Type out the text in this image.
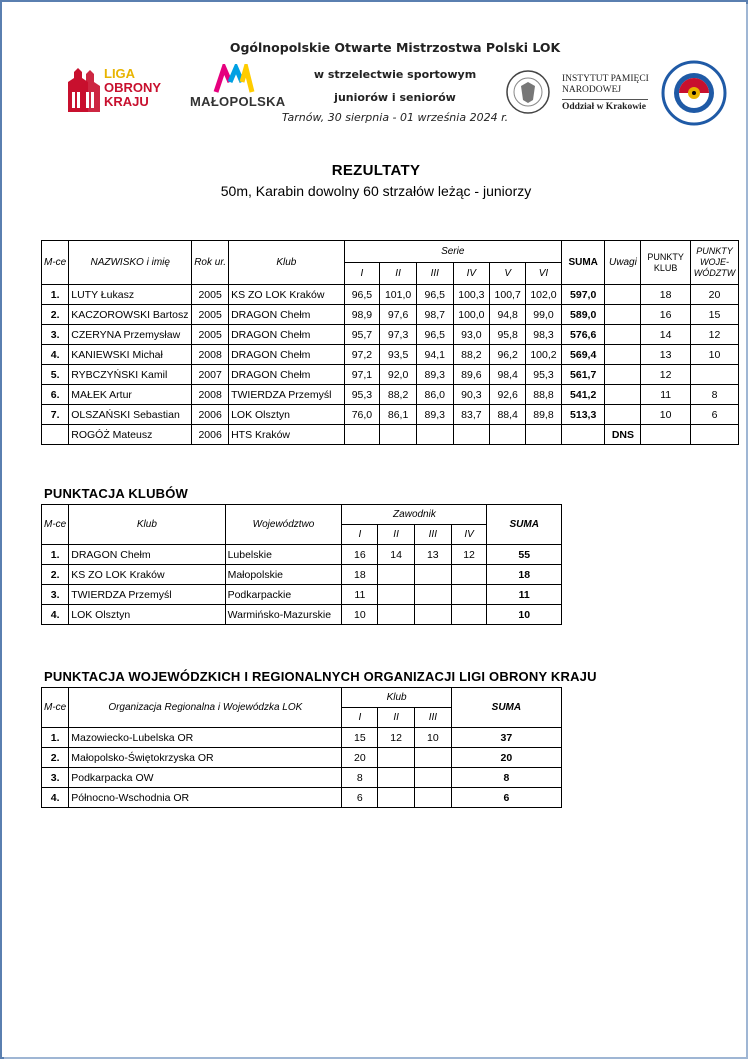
LIGA
OBRONY
KRAJU	MAŁOPOLSKA
INSTYTUT PAMIĘCI
NARODOWEJ
Oddział w Krakowie
Ogólnopolskie Otwarte Mistrzostwa Polski LOK
w strzelectwie sportowym
juniorów i seniorów
Tarnów, 30 sierpnia - 01 września 2024 r.
REZULTATY
50m, Karabin dowolny 60 strzałów leżąc - juniorzy
M-ce	NAZWISKO i imię	Rok ur.	Klub	Serie						SUMA	Uwagi	PUNKTY KLUB	PUNKTY WOJE-WÓDZTW
				I	II	III	IV	V	VI				
1.	LUTY Łukasz	2005	KS ZO LOK Kraków	96,5	101,0	96,5	100,3	100,7	102,0	597,0		18	20
2.	KACZOROWSKI Bartosz	2005	DRAGON Chełm	98,9	97,6	98,7	100,0	94,8	99,0	589,0		16	15
3.	CZERYNA Przemysław	2005	DRAGON Chełm	95,7	97,3	96,5	93,0	95,8	98,3	576,6		14	12
4.	KANIEWSKI Michał	2008	DRAGON Chełm	97,2	93,5	94,1	88,2	96,2	100,2	569,4		13	10
5.	RYBCZYŃSKI Kamil	2007	DRAGON Chełm	97,1	92,0	89,3	89,6	98,4	95,3	561,7		12	
6.	MAŁEK Artur	2008	TWIERDZA Przemyśl	95,3	88,2	86,0	90,3	92,6	88,8	541,2		11	8
7.	OLSZAŃSKI Sebastian	2006	LOK Olsztyn	76,0	86,1	89,3	83,7	88,4	89,8	513,3		10	6
	ROGÓŻ Mateusz	2006	HTS Kraków								DNS		
PUNKTACJA KLUBÓW
M-ce	Klub	Województwo	Zawodnik				SUMA
			I	II	III	IV	
1.	DRAGON Chełm	Lubelskie	16	14	13	12	55
2.	KS ZO LOK Kraków	Małopolskie	18				18
3.	TWIERDZA Przemyśl	Podkarpackie	11				11
4.	LOK Olsztyn	Warmińsko-Mazurskie	10				10
PUNKTACJA WOJEWÓDZKICH I REGIONALNYCH ORGANIZACJI LIGI OBRONY KRAJU
M-ce	Organizacja Regionalna i Wojewódzka LOK	Klub			SUMA
		I	II	III	
1.	Mazowiecko-Lubelska OR	15	12	10	37
2.	Małopolsko-Świętokrzyska OR	20			20
3.	Podkarpacka OW	8			8
4.	Północno-Wschodnia OR	6			6
